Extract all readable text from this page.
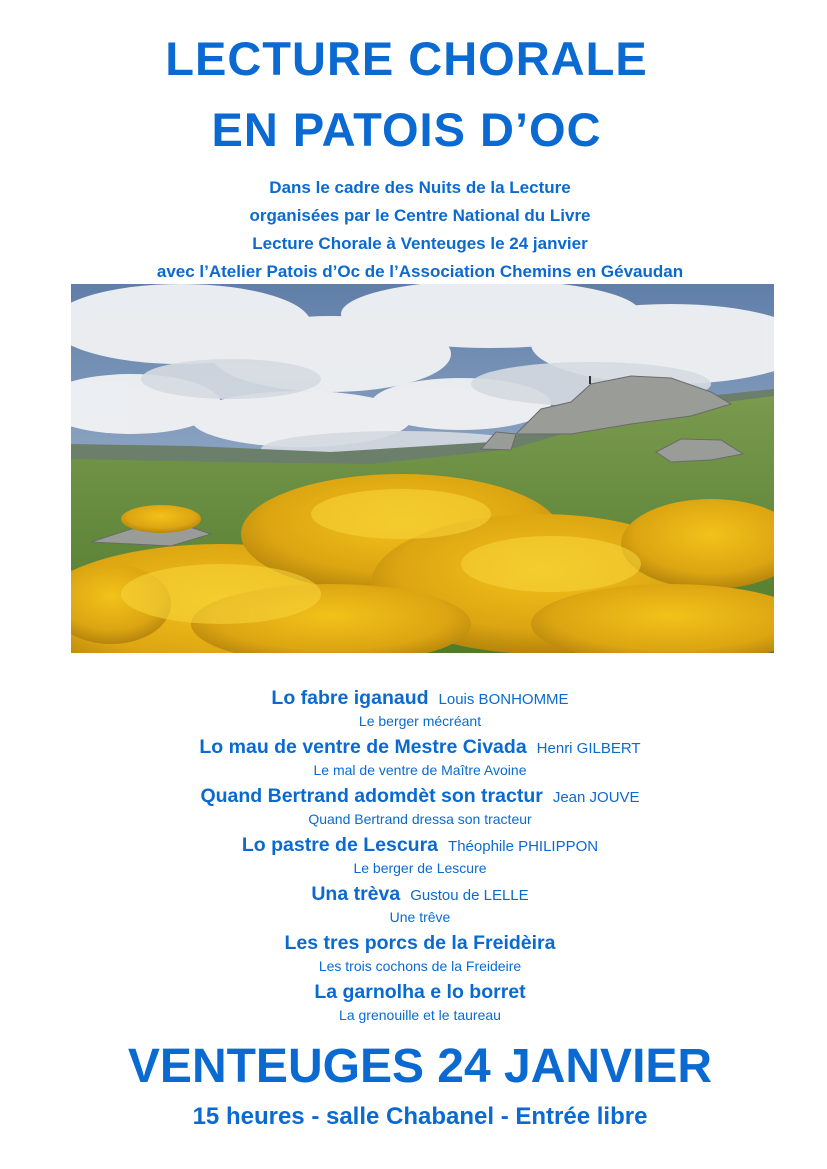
LECTURE CHORALE
EN PATOIS D’OC
Dans le cadre des Nuits de la Lecture
organisées par le Centre National du Livre
Lecture Chorale à Venteuges le 24 janvier
avec l’Atelier Patois d’Oc de l’Association Chemins en Gévaudan
Lo fabre iganaud Louis BONHOMME
Le berger mécréant
Lo mau de ventre de Mestre Civada Henri GILBERT
Le mal de ventre de Maître Avoine
Quand Bertrand adomdèt son tractur Jean JOUVE
Quand Bertrand dressa son tracteur
Lo pastre de Lescura Théophile PHILIPPON
Le berger de Lescure
Una trèva Gustou de LELLE
Une trêve
Les tres porcs de la Freidèira
Les trois cochons de la Freideire
La garnolha e lo borret
La grenouille et le taureau
VENTEUGES 24 JANVIER
15 heures - salle Chabanel - Entrée libre
